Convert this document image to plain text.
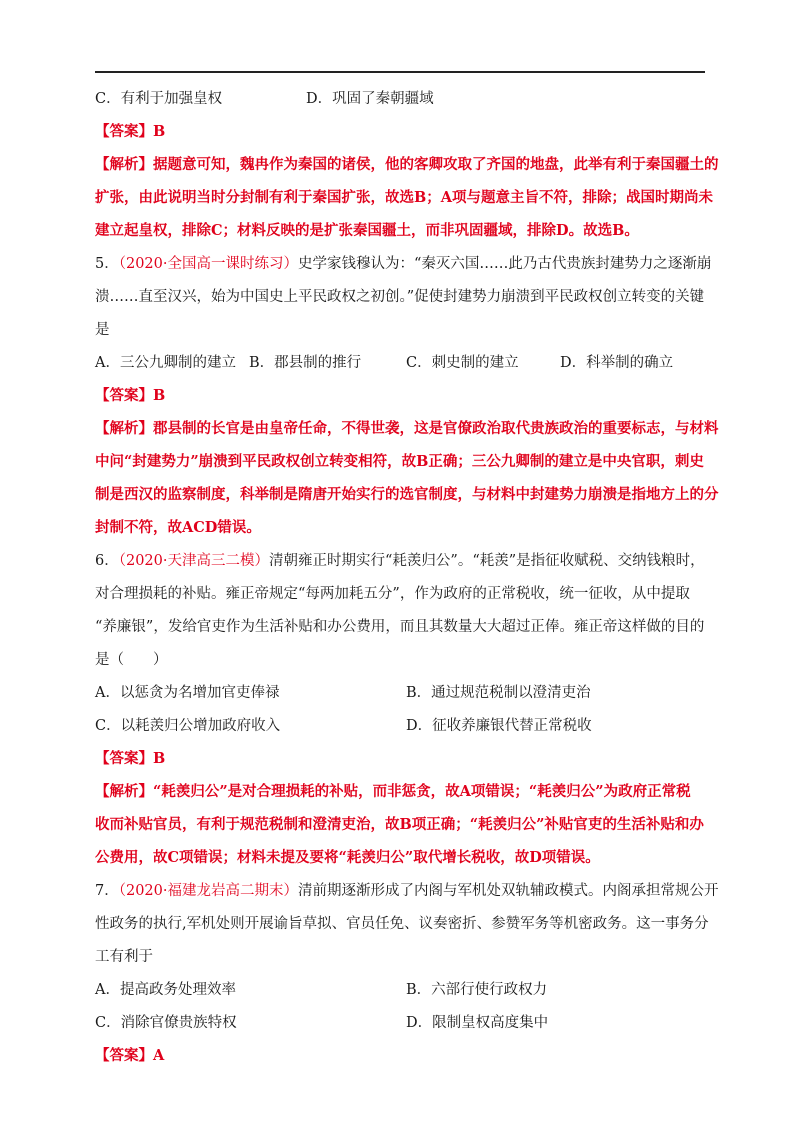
C．有利于加强皇权	D．巩固了秦朝疆域
【答案】B
【解析】据题意可知，魏冉作为秦国的诸侯，他的客卿攻取了齐国的地盘，此举有利于秦国疆土的
扩张，由此说明当时分封制有利于秦国扩张，故选B；A项与题意主旨不符，排除；战国时期尚未
建立起皇权，排除C；材料反映的是扩张秦国疆土，而非巩固疆域，排除D。故选B。
5．（2020·全国高一课时练习）史学家钱穆认为：“秦灭六国……此乃古代贵族封建势力之逐渐崩
溃……直至汉兴，始为中国史上平民政权之初创。”促使封建势力崩溃到平民政权创立转变的关键
是
A．三公九卿制的建立 B．郡县制的推行	C．刺史制的建立	D．科举制的确立
【答案】B
【解析】郡县制的长官是由皇帝任命，不得世袭，这是官僚政治取代贵族政治的重要标志，与材料
中问“封建势力”崩溃到平民政权创立转变相符，故B正确；三公九卿制的建立是中央官职，刺史
制是西汉的监察制度，科举制是隋唐开始实行的选官制度，与材料中封建势力崩溃是指地方上的分
封制不符，故ACD错误。
6．（2020·天津高三二模）清朝雍正时期实行“耗羡归公”。“耗羡”是指征收赋税、交纳钱粮时，
对合理损耗的补贴。雍正帝规定“每两加耗五分”，作为政府的正常税收，统一征收，从中提取
“养廉银”，发给官吏作为生活补贴和办公费用，而且其数量大大超过正俸。雍正帝这样做的目的
是（　　）
A．以惩贪为名增加官吏俸禄	B．通过规范税制以澄清吏治
C．以耗羡归公增加政府收入	D．征收养廉银代替正常税收
【答案】B
【解析】“耗羡归公”是对合理损耗的补贴，而非惩贪，故A项错误；“耗羡归公”为政府正常税
收而补贴官员，有利于规范税制和澄清吏治，故B项正确；“耗羡归公”补贴官吏的生活补贴和办
公费用，故C项错误；材料未提及要将“耗羡归公”取代增长税收，故D项错误。
7．（2020·福建龙岩高二期末）清前期逐渐形成了内阁与军机处双轨辅政模式。内阁承担常规公开
性政务的执行,军机处则开展谕旨草拟、官员任免、议奏密折、参赞军务等机密政务。这一事务分
工有利于
A．提高政务处理效率	B．六部行使行政权力
C．消除官僚贵族特权	D．限制皇权高度集中
【答案】A
